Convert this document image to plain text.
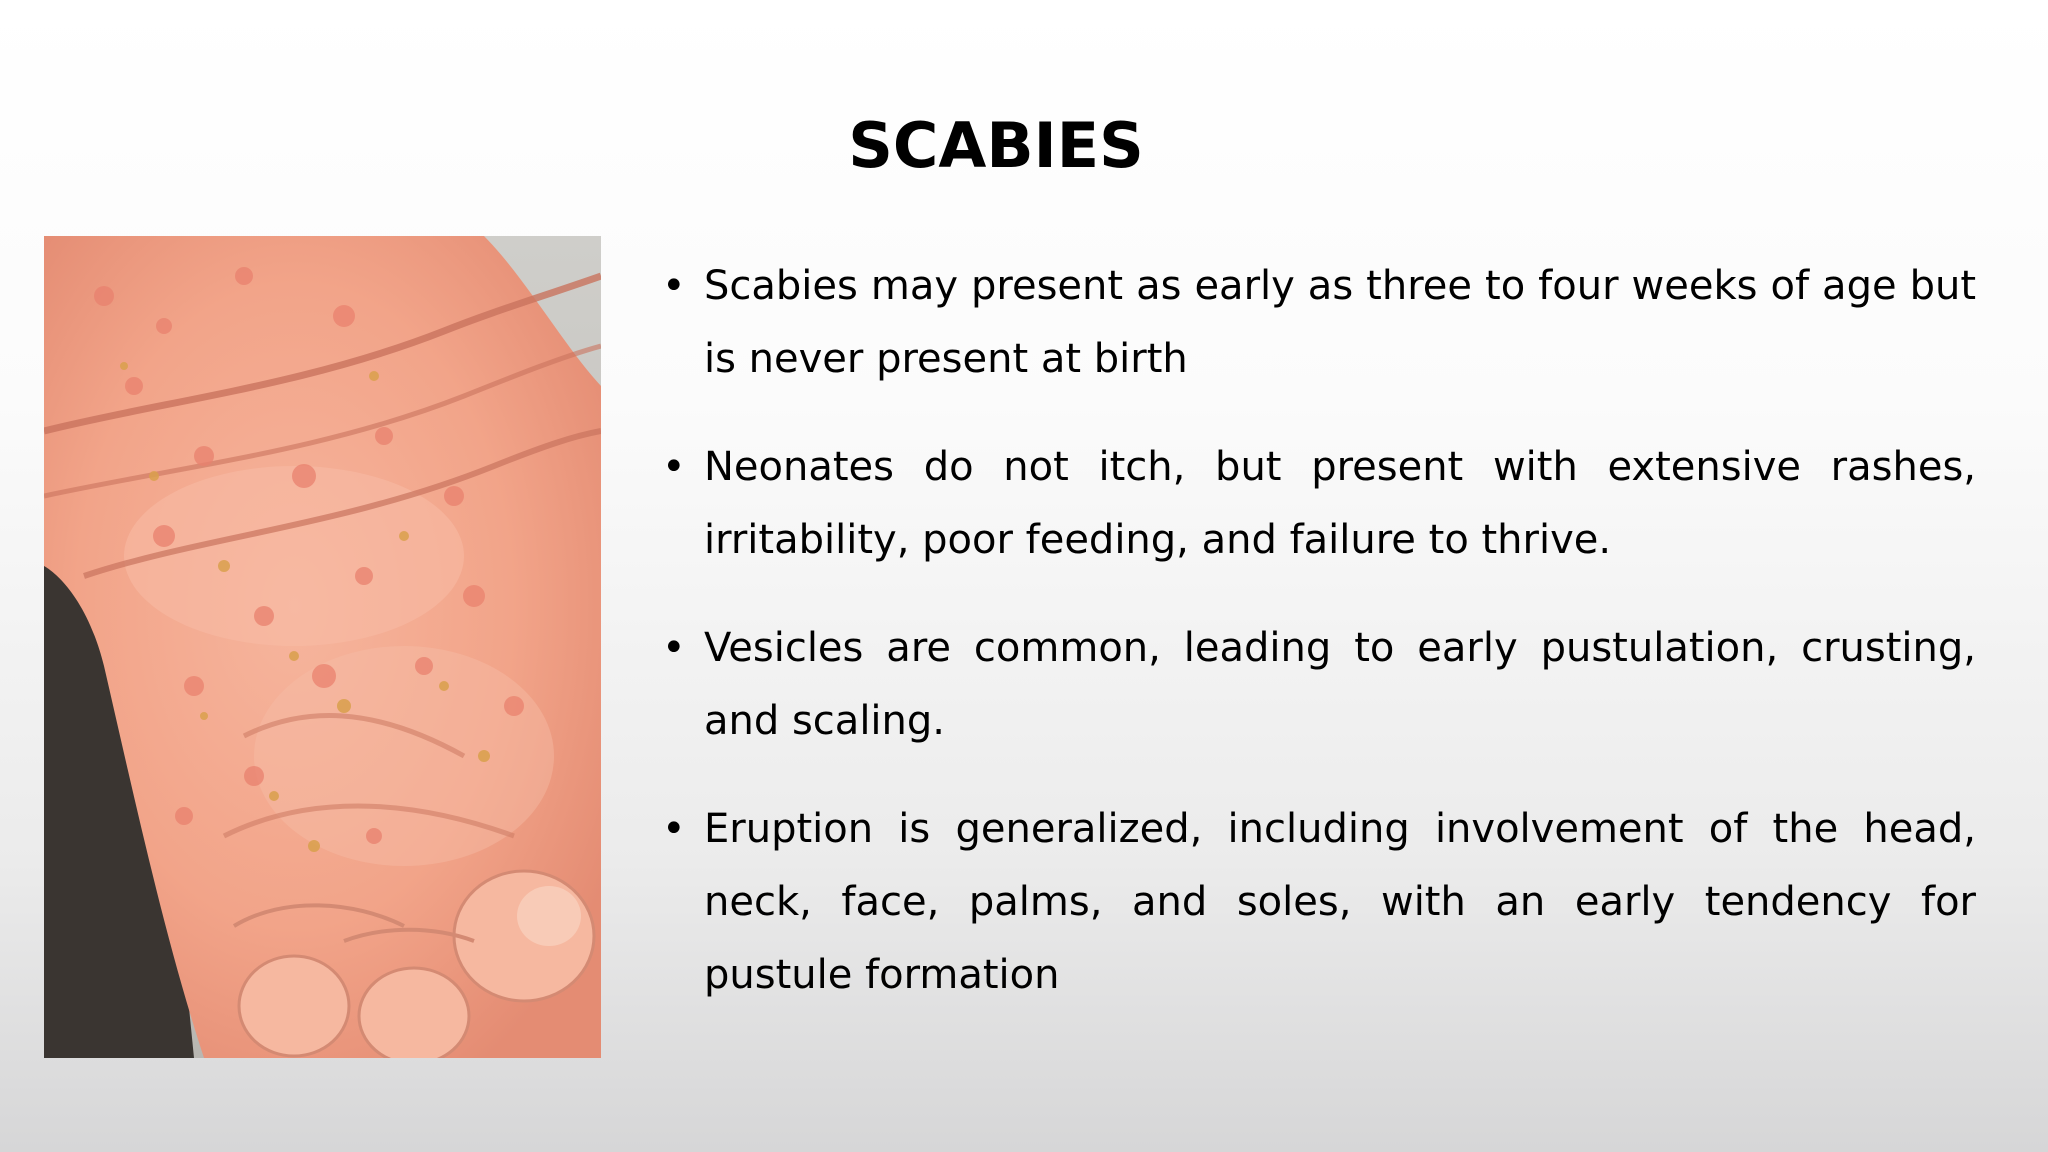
SCABIES
• Scabies may present as early as three to four weeks of age but is never present at birth
• Neonates do not itch, but present with extensive rashes, irritability, poor feeding, and failure to thrive.
• Vesicles are common, leading to early pustulation, crusting, and scaling.
• Eruption is generalized, including involvement of the head, neck, face, palms, and soles, with an early tendency for pustule formation
